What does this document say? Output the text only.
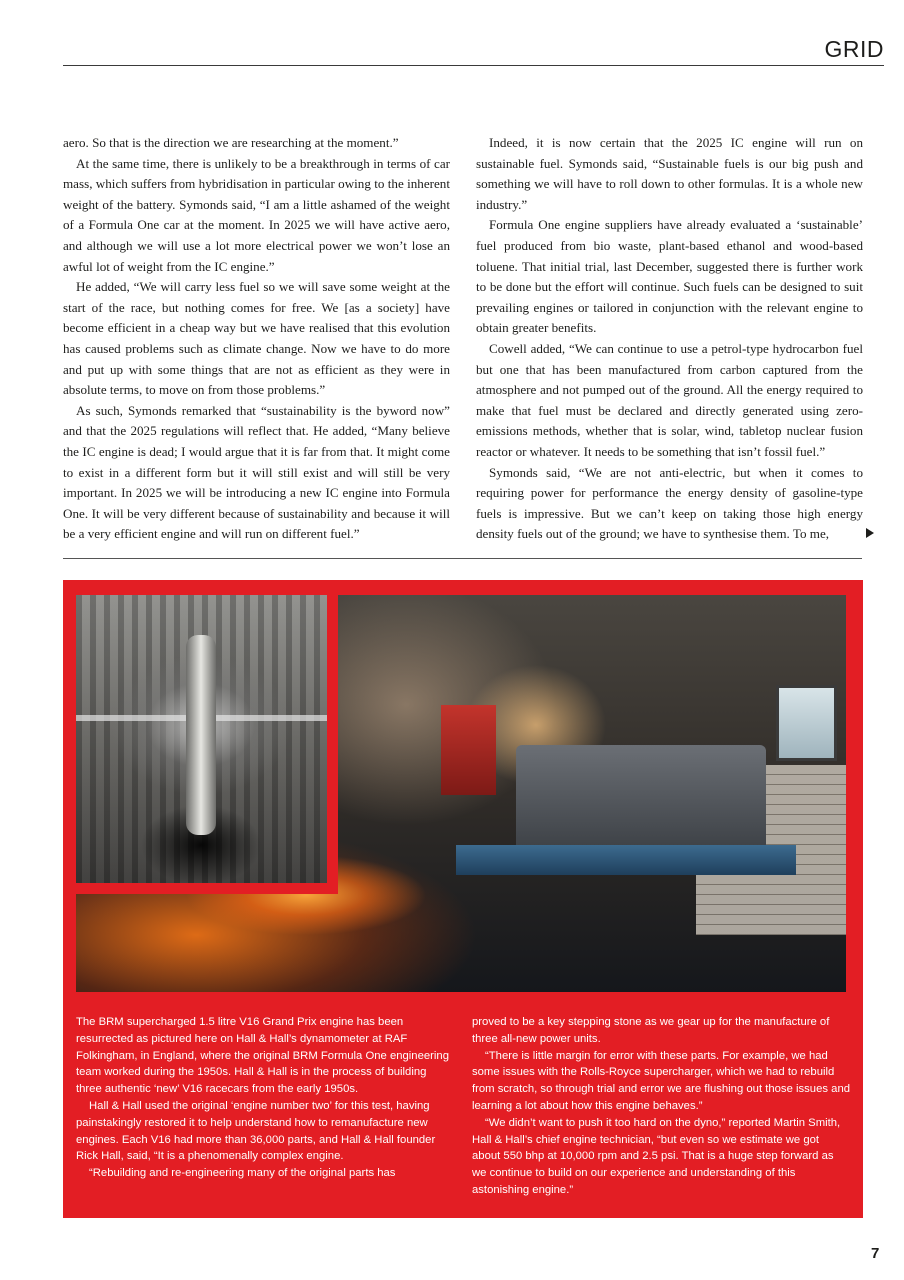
GRID

aero. So that is the direction we are researching at the moment.”

At the same time, there is unlikely to be a breakthrough in terms of car mass, which suffers from hybridisation in particular owing to the inherent weight of the battery. Symonds said, “I am a little ashamed of the weight of a Formula One car at the moment. In 2025 we will have active aero, and although we will use a lot more electrical power we won’t lose an awful lot of weight from the IC engine.”

He added, “We will carry less fuel so we will save some weight at the start of the race, but nothing comes for free. We [as a society] have become efficient in a cheap way but we have realised that this evolution has caused problems such as climate change. Now we have to do more and put up with some things that are not as efficient as they were in absolute terms, to move on from those problems.”

As such, Symonds remarked that “sustainability is the byword now” and that the 2025 regulations will reflect that. He added, “Many believe the IC engine is dead; I would argue that it is far from that. It might come to exist in a different form but it will still exist and will still be very important. In 2025 we will be introducing a new IC engine into Formula One. It will be very different because of sustainability and because it will be a very efficient engine and will run on different fuel.”

Indeed, it is now certain that the 2025 IC engine will run on sustainable fuel. Symonds said, “Sustainable fuels is our big push and something we will have to roll down to other formulas. It is a whole new industry.”

Formula One engine suppliers have already evaluated a ‘sustainable’ fuel produced from bio waste, plant-based ethanol and wood-based toluene. That initial trial, last December, suggested there is further work to be done but the effort will continue. Such fuels can be designed to suit prevailing engines or tailored in conjunction with the relevant engine to obtain greater benefits.

Cowell added, “We can continue to use a petrol-type hydrocarbon fuel but one that has been manufactured from carbon captured from the atmosphere and not pumped out of the ground. All the energy required to make that fuel must be declared and directly generated using zero-emissions methods, whether that is solar, wind, tabletop nuclear fusion reactor or whatever. It needs to be something that isn’t fossil fuel.”

Symonds said, “We are not anti-electric, but when it comes to requiring power for performance the energy density of gasoline-type fuels is impressive. But we can’t keep on taking those high energy density fuels out of the ground; we have to synthesise them. To me,

The BRM supercharged 1.5 litre V16 Grand Prix engine has been resurrected as pictured here on Hall & Hall’s dynamometer at RAF Folkingham, in England, where the original BRM Formula One engineering team worked during the 1950s. Hall & Hall is in the process of building three authentic ‘new’ V16 racecars from the early 1950s.

Hall & Hall used the original ‘engine number two’ for this test, having painstakingly restored it to help understand how to remanufacture new engines. Each V16 had more than 36,000 parts, and Hall & Hall founder Rick Hall, said, “It is a phenomenally complex engine.

“Rebuilding and re-engineering many of the original parts has

proved to be a key stepping stone as we gear up for the manufacture of three all-new power units.

“There is little margin for error with these parts. For example, we had some issues with the Rolls-Royce supercharger, which we had to rebuild from scratch, so through trial and error we are flushing out those issues and learning a lot about how this engine behaves.”

“We didn’t want to push it too hard on the dyno,” reported Martin Smith, Hall & Hall’s chief engine technician, “but even so we estimate we got about 550 bhp at 10,000 rpm and 2.5 psi. That is a huge step forward as we continue to build on our experience and understanding of this astonishing engine.”

7
